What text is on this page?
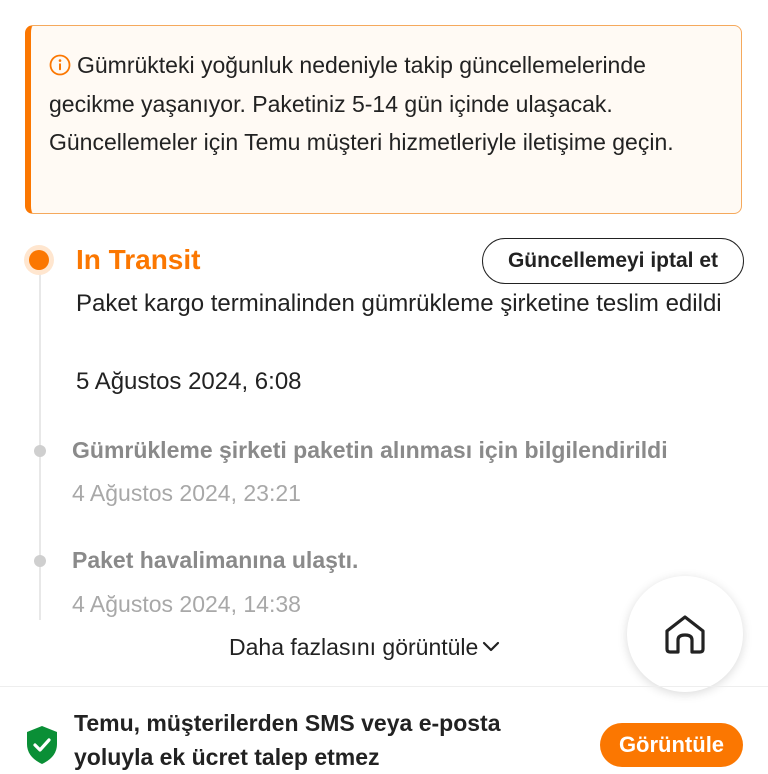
Gümrükteki yoğunluk nedeniyle takip güncellemelerinde gecikme yaşanıyor. Paketiniz 5-14 gün içinde ulaşacak. Güncellemeler için Temu müşteri hizmetleriyle iletişime geçin.

In Transit	Güncellemeyi iptal et

Paket kargo terminalinden gümrükleme şirketine teslim edildi

5 Ağustos 2024, 6:08

Gümrükleme şirketi paketin alınması için bilgilendirildi

4 Ağustos 2024, 23:21

Paket havalimanına ulaştı.

4 Ağustos 2024, 14:38

Daha fazlasını görüntüle

Temu, müşterilerden SMS veya e-posta yoluyla ek ücret talep etmez	Görüntüle
